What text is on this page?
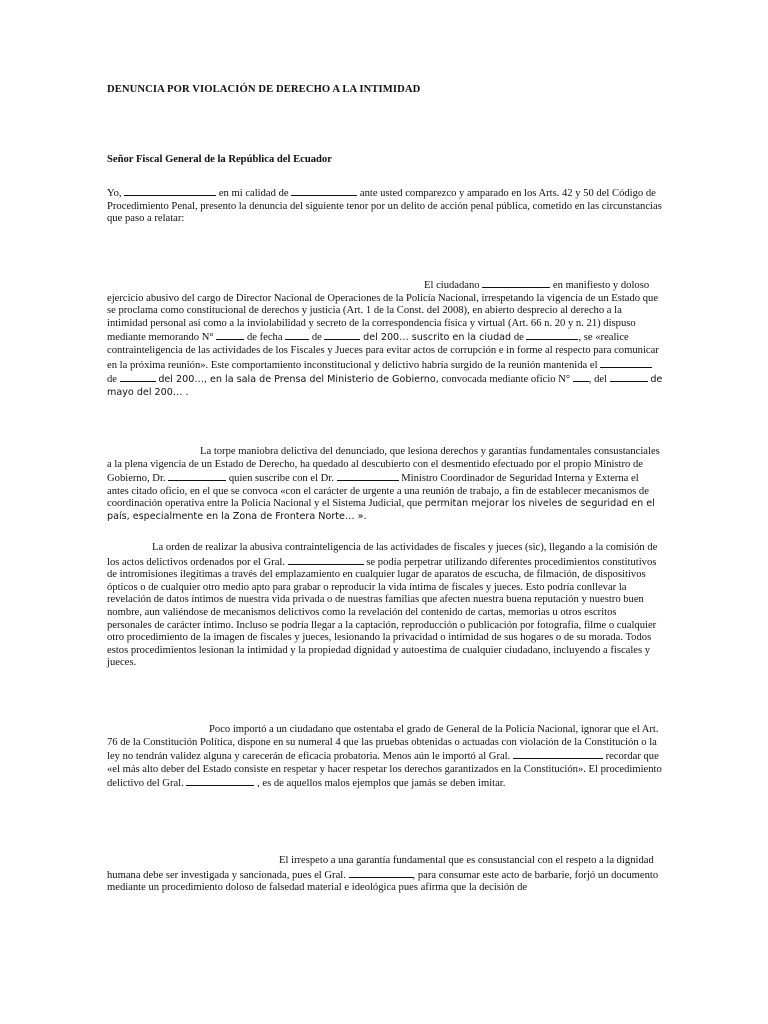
DENUNCIA POR VIOLACIÓN DE DERECHO A LA INTIMIDAD

Señor Fiscal General de la República del Ecuador

Yo,	en mi calidad de	ante usted comparezco y amparado en los Arts. 42 y 50 del Código de Procedimiento Penal, presento la denuncia del siguiente tenor por un delito de acción penal pública, cometido en las circunstancias que paso a relatar:

El ciudadano	en manifiesto y doloso ejercicio abusivo del cargo de Director Nacional de Operaciones de la Policía Nacional, irrespetando la vigencia de un Estado que se proclama como constitucional de derechos y justicia (Art. 1 de la Const. del 2008), en abierto desprecio al derecho a la intimidad personal así como a la inviolabilidad y secreto de la correspondencia física y virtual (Art. 66 n. 20 y n. 21) dispuso mediante memorando N°	de fecha	de	del 200… suscrito en la ciudad de	, se «realice contrainteligencia de las actividades de los Fiscales y Jueces para evitar actos de corrupción e in forme al respecto para comunicar en la próxima reunión». Este comportamiento inconstitucional y delictivo habría surgido de la reunión mantenida el  de	del 200…, en la sala de Prensa del Ministerio de Gobierno, convocada mediante oficio N° , del	de mayo del 200… .

La torpe maniobra delictiva del denunciado, que lesiona derechos y garantías fundamentales consustanciales a la plena vigencia de un Estado de Derecho, ha quedado al descubierto con el desmentido efectuado por el propio Ministro de Gobierno, Dr.	quien suscribe con el Dr.	Ministro Coordinador de Seguridad Interna y Externa el antes citado oficio, en el que se convoca «con el carácter de urgente a una reunión de trabajo, a fin de establecer mecanismos de coordinación operativa entre la Policía Nacional y el Sistema Judicial, que permitan mejorar los niveles de seguridad en el país, especialmente en la Zona de Frontera Norte… ».

La orden de realizar la abusiva contrainteligencia de las actividades de fiscales y jueces (sic), llegando a la comisión de los actos delictivos ordenados por el Gral.	se podía perpetrar utilizando diferentes procedimientos constitutivos de intromisiones ilegítimas a través del emplazamiento en cualquier lugar de aparatos de escucha, de filmación, de dispositivos ópticos o de cualquier otro medio apto para grabar o reproducir la vida íntima de fiscales y jueces. Esto podría conllevar la revelación de datos íntimos de nuestra vida privada o de nuestras familias que afecten nuestra buena reputación y nuestro buen nombre, aun valiéndose de mecanismos delictivos como la revelación del contenido de cartas, memorias u otros escritos personales de carácter íntimo. Incluso se podría llegar a la captación, reproducción o publicación por fotografía, filme o cualquier otro procedimiento de la imagen de fiscales y jueces, lesionando la privacidad o intimidad de sus hogares o de su morada. Todos estos procedimientos lesionan la intimidad y la propiedad dignidad y autoestima de cualquier ciudadano, incluyendo a fiscales y jueces.

Poco importó a un ciudadano que ostentaba el grado de General de la Policía Nacional, ignorar que el Art. 76 de la Constitución Política, dispone en su numeral 4 que las pruebas obtenidas o actuadas con violación de la Constitución o la ley no tendrán validez alguna y carecerán de eficacia probatoria. Menos aún le importó al Gral.	recordar que «el más alto deber del Estado consiste en respetar y hacer respetar los derechos garantizados en la Constitución». El procedimiento delictivo del Gral.	, es de aquellos malos ejemplos que jamás se deben imitar.

El irrespeto a una garantía fundamental que es consustancial con el respeto a la dignidad humana debe ser investigada y sancionada, pues el Gral.	, para consumar este acto de barbarie, forjó un documento mediante un procedimiento doloso de falsedad material e ideológica pues afirma que la decisión de
